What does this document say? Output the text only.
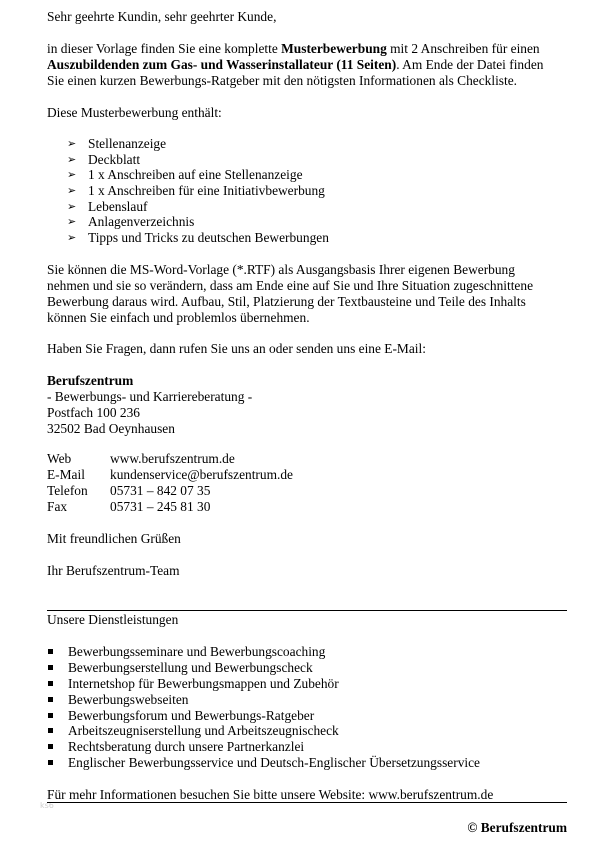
Sehr geehrte Kundin, sehr geehrter Kunde,

in dieser Vorlage finden Sie eine komplette Musterbewerbung mit 2 Anschreiben für einen
Auszubildenden zum Gas- und Wasserinstallateur (11 Seiten). Am Ende der Datei finden
Sie einen kurzen Bewerbungs-Ratgeber mit den nötigsten Informationen als Checkliste.

Diese Musterbewerbung enthält:

➢ Stellenanzeige
➢ Deckblatt
➢ 1 x Anschreiben auf eine Stellenanzeige
➢ 1 x Anschreiben für eine Initiativbewerbung
➢ Lebenslauf
➢ Anlagenverzeichnis
➢ Tipps und Tricks zu deutschen Bewerbungen
Sie können die MS-Word-Vorlage (*.RTF) als Ausgangsbasis Ihrer eigenen Bewerbung
nehmen und sie so verändern, dass am Ende eine auf Sie und Ihre Situation zugeschnittene
Bewerbung daraus wird. Aufbau, Stil, Platzierung der Textbausteine und Teile des Inhalts
können Sie einfach und problemlos übernehmen.

Haben Sie Fragen, dann rufen Sie uns an oder senden uns eine E-Mail:

Berufszentrum
- Bewerbungs- und Karriereberatung -
Postfach 100 236
32502 Bad Oeynhausen
Web	www.berufszentrum.de
E-Mail	kundenservice@berufszentrum.de
Telefon	05731 – 842 07 35
Fax	05731 – 245 81 30

Mit freundlichen Grüßen

Ihr Berufszentrum-Team

Unsere Dienstleistungen

Bewerbungsseminare und Bewerbungscoaching
Bewerbungserstellung und Bewerbungscheck
Internetshop für Bewerbungsmappen und Zubehör
Bewerbungswebseiten
Bewerbungsforum und Bewerbungs-Ratgeber
Arbeitszeugniserstellung und Arbeitszeugnischeck
Rechtsberatung durch unsere Partnerkanzlei
Englischer Bewerbungsservice und Deutsch-Englischer Übersetzungsservice

Für mehr Informationen besuchen Sie bitte unsere Website: www.berufszentrum.de

ks6
© Berufszentrum
